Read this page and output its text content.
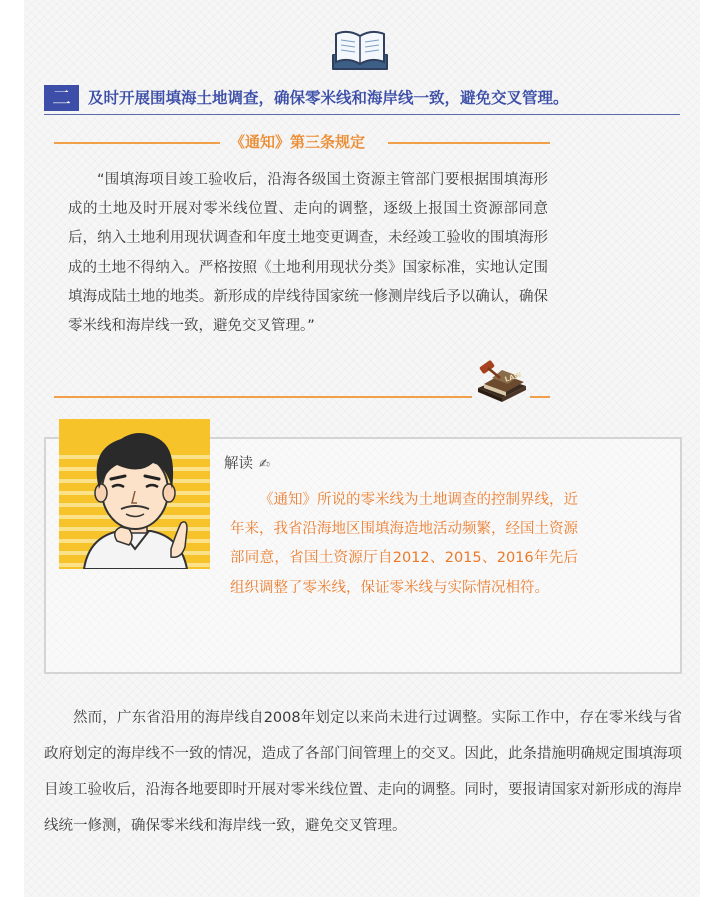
二	及时开展围填海土地调查，确保零米线和海岸线一致，避免交叉管理。
《通知》第三条规定

“围填海项目竣工验收后，沿海各级国土资源主管部门要根据围填海形成的土地及时开展对零米线位置、走向的调整，逐级上报国土资源部同意后，纳入土地利用现状调查和年度土地变更调查，未经竣工验收的围填海形成的土地不得纳入。严格按照《土地利用现状分类》国家标准，实地认定围填海成陆土地的地类。新形成的岸线待国家统一修测岸线后予以确认，确保零米线和海岸线一致，避免交叉管理。”

LAW
解读 ✍

《通知》所说的零米线为土地调查的控制界线，近年来，我省沿海地区围填海造地活动频繁，经国土资源部同意，省国土资源厅自2012、2015、2016年先后组织调整了零米线，保证零米线与实际情况相符。

然而，广东省沿用的海岸线自2008年划定以来尚未进行过调整。实际工作中，存在零米线与省政府划定的海岸线不一致的情况，造成了各部门间管理上的交叉。因此，此条措施明确规定围填海项目竣工验收后，沿海各地要即时开展对零米线位置、走向的调整。同时，要报请国家对新形成的海岸线统一修测，确保零米线和海岸线一致，避免交叉管理。
